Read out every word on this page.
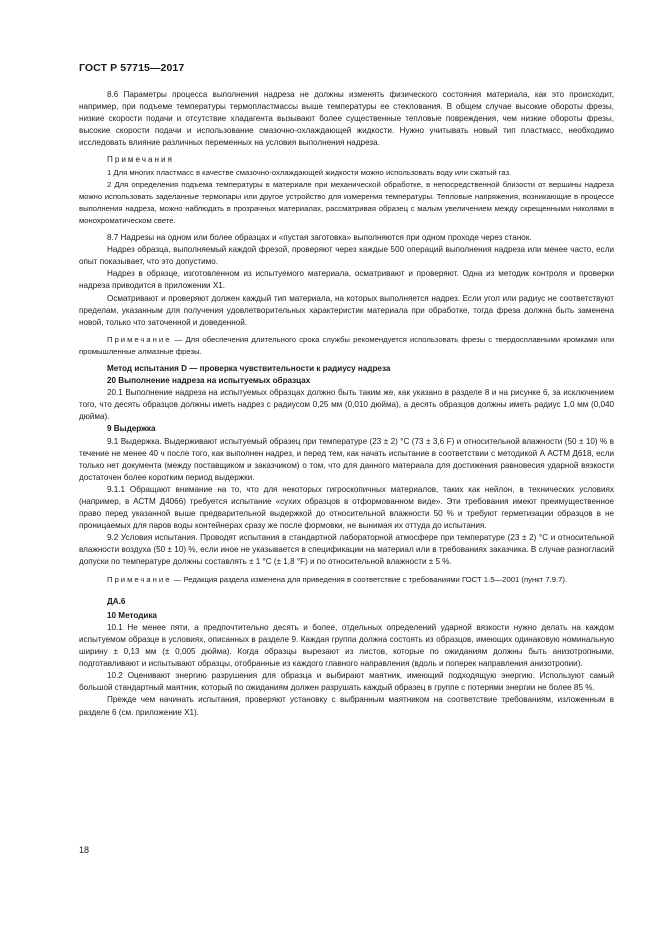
ГОСТ Р 57715—2017

8.6 Параметры процесса выполнения надреза не должны изменять физического состояния материала, как это происходит, например, при подъеме температуры термопластмассы выше температуры ее стеклования. В общем случае высокие обороты фрезы, низкие скорости подачи и отсутствие хладагента вызывают более существенные тепловые повреждения, чем низкие обороты фрезы, высокие скорости подачи и использование смазочно-охлаждающей жидкости. Нужно учитывать новый тип пластмасс, необходимо исследовать влияние различных переменных на условия выполнения надреза.

Примечания

1 Для многих пластмасс в качестве смазочно-охлаждающей жидкости можно использовать воду или сжатый газ.

2 Для определения подъема температуры в материале при механической обработке, в непосредственной близости от вершины надреза можно использовать заделанные термопары или другое устройство для измерения температуры. Тепловые напряжения, возникающие в процессе выполнения надреза, можно наблюдать в прозрачных материалах, рассматривая образец с малым увеличением между скрещенными николями в монохроматическом свете.

8.7 Надрезы на одном или более образцах и «пустая заготовка» выполняются при одном проходе через станок.

Надрез образца, выполняемый каждой фрезой, проверяют через каждые 500 операций выполнения надреза или менее часто, если опыт показывает, что это допустимо.

Надрез в образце, изготовленном из испытуемого материала, осматривают и проверяют. Одна из методик контроля и проверки надреза приводится в приложении Х1.

Осматривают и проверяют должен каждый тип материала, на которых выполняется надрез. Если угол или радиус не соответствуют пределам, указанным для получения удовлетворительных характеристик материала при обработке, тогда фреза должна быть заменена новой, только что заточенной и доведенной.

Примечание — Для обеспечения длительного срока службы рекомендуется использовать фрезы с твердосплавными кромками или промышленные алмазные фрезы.

Метод испытания D — проверка чувствительности к радиусу надреза

20 Выполнение надреза на испытуемых образцах

20.1 Выполнение надреза на испытуемых образцах должно быть таким же, как указано в разделе 8 и на рисунке 6, за исключением того, что десять образцов должны иметь надрез с радиусом 0,25 мм (0,010 дюйма), а десять образцов должны иметь радиус 1,0 мм (0,040 дюйма).

9 Выдержка

9.1 Выдержка. Выдерживают испытуемый образец при температуре (23 ± 2) °С (73 ± 3,6 F) и относительной влажности (50 ± 10) % в течение не менее 40 ч после того, как выполнен надрез, и перед тем, как начать испытание в соответствии с методикой А АСТМ Д618, если только нет документа (между поставщиком и заказчиком) о том, что для данного материала для достижения равновесия ударной вязкости достаточен более коротким период выдержки.

9.1.1 Обращают внимание на то, что для некоторых гигроскопичных материалов, таких как нейлон, в технических условиях (например, в АСТМ Д4066) требуется испытание «сухих образцов в отформованном виде». Эти требования имеют преимущественное право перед указанной выше предварительной выдержкой до относительной влажности 50 % и требуют герметизации образцов в не проницаемых для паров воды контейнерах сразу же после формовки, не вынимая их оттуда до испытания.

9.2 Условия испытания. Проводят испытания в стандартной лабораторной атмосфере при температуре (23 ± 2) °С и относительной влажности воздуха (50 ± 10) %, если иное не указывается в спецификации на материал или в требованиях заказчика. В случае разногласий допуски по температуре должны составлять ± 1 °С (± 1,8 °F) и по относительной влажности ± 5 %.

Примечание — Редакция раздела изменена для приведения в соответствие с требованиями ГОСТ 1.5—2001 (пункт 7.9.7).

ДА.6

10 Методика

10.1 Не менее пяти, а предпочтительно десять и более, отдельных определений ударной вязкости нужно делать на каждом испытуемом образце в условиях, описанных в разделе 9. Каждая группа должна состоять из образцов, имеющих одинаковую номинальную ширину ± 0,13 мм (± 0,005 дюйма). Когда образцы вырезают из листов, которые по ожиданиям должны быть анизотропными, подготавливают и испытывают образцы, отобранные из каждого главного направления (вдоль и поперек направления анизотропии).

10.2 Оценивают энергию разрушения для образца и выбирают маятник, имеющий подходящую энергию. Используют самый большой стандартный маятник, который по ожиданиям должен разрушать каждый образец в группе с потерями энергии не более 85 %.

Прежде чем начинать испытания, проверяют установку с выбранным маятником на соответствие требованиям, изложенным в разделе 6 (см. приложение Х1).

18
